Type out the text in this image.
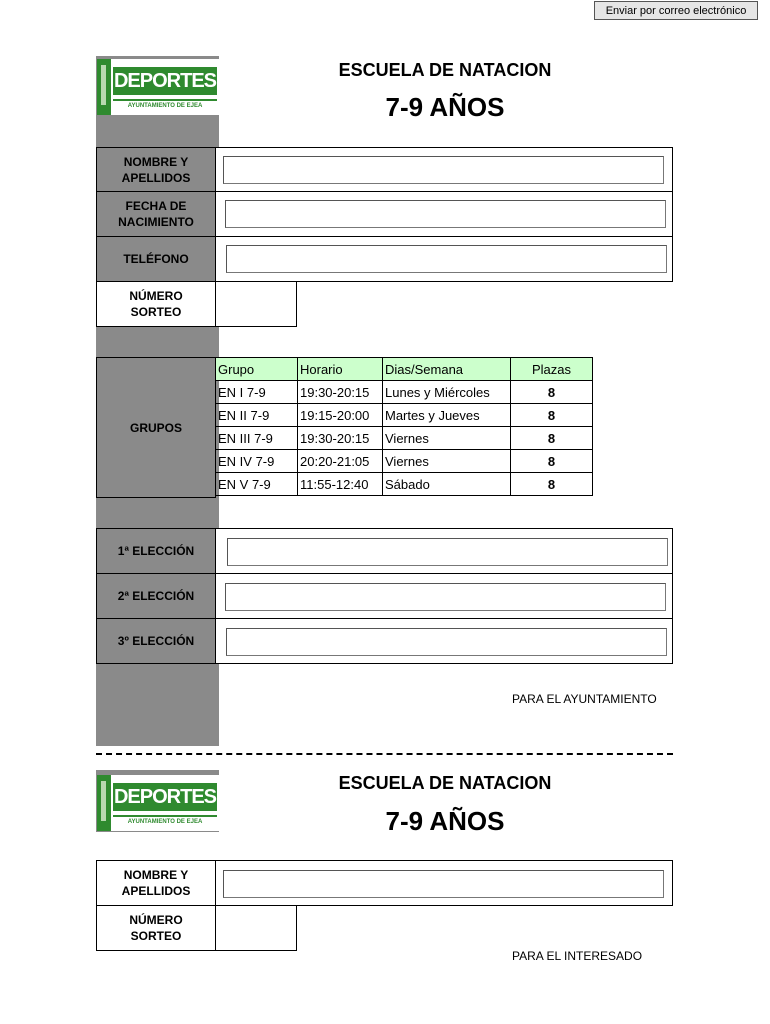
Enviar por correo electrónico
DEPORTES
AYUNTAMIENTO DE EJEA
ESCUELA DE NATACION
7-9 AÑOS
NOMBRE Y APELLIDOS
FECHA DE NACIMIENTO
TELÉFONO
NÚMERO SORTEO
GRUPOS
Grupo	Horario	Dias/Semana	Plazas
EN I 7-9	19:30-20:15	Lunes y Miércoles	8
EN II 7-9	19:15-20:00	Martes y Jueves	8
EN III 7-9	19:30-20:15	Viernes	8
EN IV 7-9	20:20-21:05	Viernes	8
EN V 7-9	11:55-12:40	Sábado	8
1ª ELECCIÓN
2ª ELECCIÓN
3º ELECCIÓN
PARA EL AYUNTAMIENTO
DEPORTES
AYUNTAMIENTO DE EJEA
ESCUELA DE NATACION
7-9 AÑOS
NOMBRE Y APELLIDOS
NÚMERO SORTEO
PARA EL INTERESADO
